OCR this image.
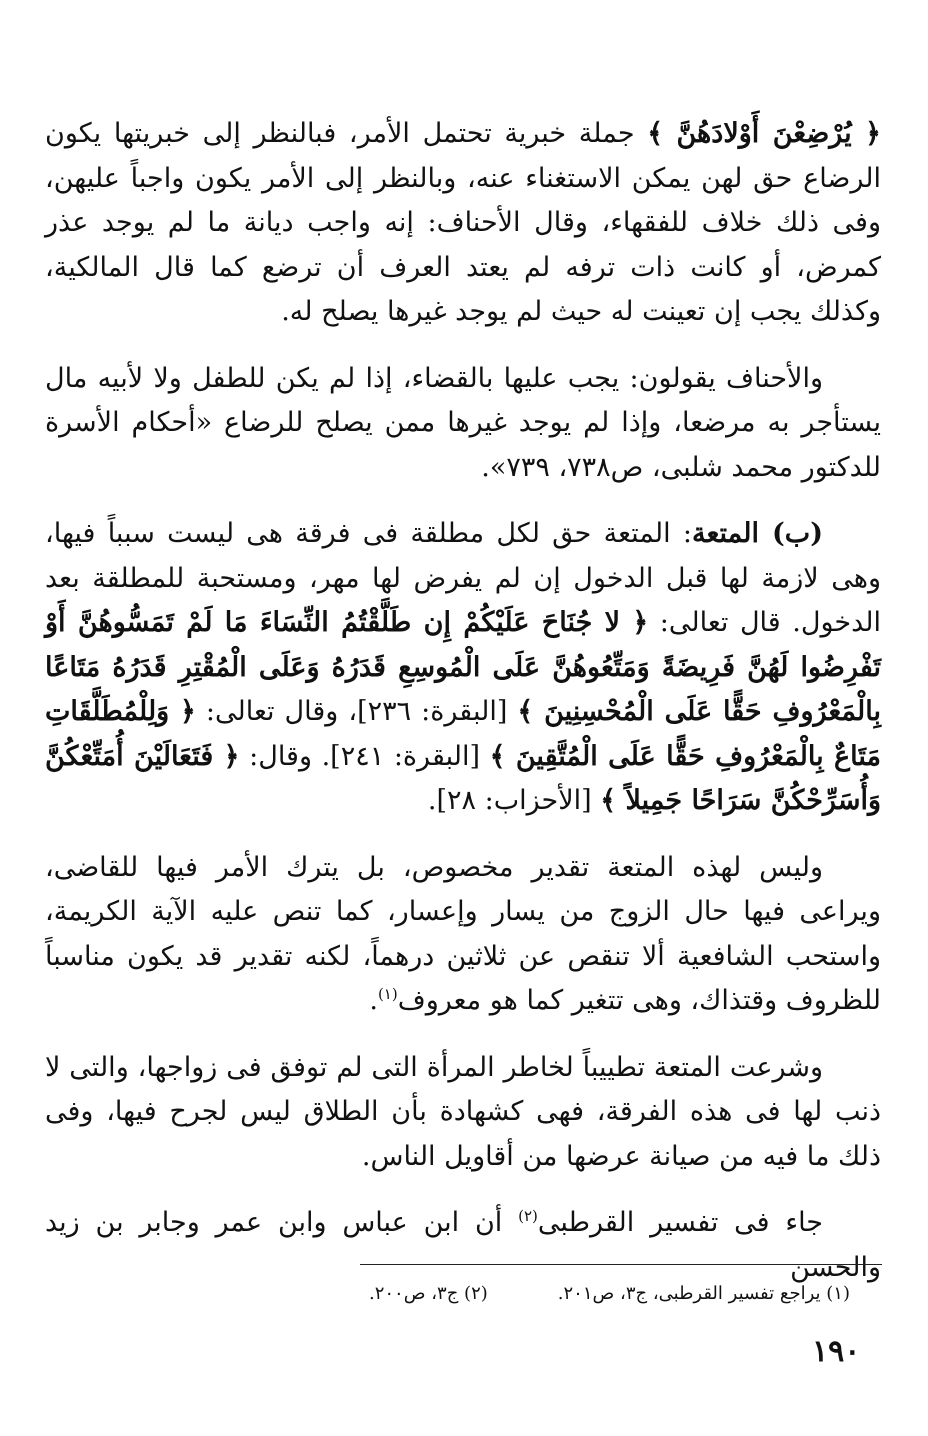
﴿ يُرْضِعْنَ أَوْلادَهُنَّ ﴾ جملة خبرية تحتمل الأمر، فبالنظر إلى خبريتها يكون الرضاع حق لهن يمكن الاستغناء عنه، وبالنظر إلى الأمر يكون واجباً عليهن، وفى ذلك خلاف للفقهاء، وقال الأحناف: إنه واجب ديانة ما لم يوجد عذر كمرض، أو كانت ذات ترفه لم يعتد العرف أن ترضع كما قال المالكية، وكذلك يجب إن تعينت له حيث لم يوجد غيرها يصلح له.

والأحناف يقولون: يجب عليها بالقضاء، إذا لم يكن للطفل ولا لأبيه مال يستأجر به مرضعا، وإذا لم يوجد غيرها ممن يصلح للرضاع «أحكام الأسرة للدكتور محمد شلبى، ص٧٣٨، ٧٣٩».

(ب) المتعة: المتعة حق لكل مطلقة فى فرقة هى ليست سبباً فيها، وهى لازمة لها قبل الدخول إن لم يفرض لها مهر، ومستحبة للمطلقة بعد الدخول. قال تعالى: ﴿ لا جُنَاحَ عَلَيْكُمْ إِن طَلَّقْتُمُ النِّسَاءَ مَا لَمْ تَمَسُّوهُنَّ أَوْ تَفْرِضُوا لَهُنَّ فَرِيضَةً وَمَتِّعُوهُنَّ عَلَى الْمُوسِعِ قَدَرُهُ وَعَلَى الْمُقْتِرِ قَدَرُهُ مَتَاعًا بِالْمَعْرُوفِ حَقًّا عَلَى الْمُحْسِنِينَ ﴾ [البقرة: ٢٣٦]، وقال تعالى: ﴿ وَلِلْمُطَلَّقَاتِ مَتَاعٌ بِالْمَعْرُوفِ حَقًّا عَلَى الْمُتَّقِينَ ﴾ [البقرة: ٢٤١]. وقال: ﴿ فَتَعَالَيْنَ أُمَتِّعْكُنَّ وَأُسَرِّحْكُنَّ سَرَاحًا جَمِيلاً ﴾ [الأحزاب: ٢٨].

وليس لهذه المتعة تقدير مخصوص، بل يترك الأمر فيها للقاضى، ويراعى فيها حال الزوج من يسار وإعسار، كما تنص عليه الآية الكريمة، واستحب الشافعية ألا تنقص عن ثلاثين درهماً، لكنه تقدير قد يكون مناسباً للظروف وقتذاك، وهى تتغير كما هو معروف$^{(١)}$.

وشرعت المتعة تطييباً لخاطر المرأة التى لم توفق فى زواجها، والتى لا ذنب لها فى هذه الفرقة، فهى كشهادة بأن الطلاق ليس لجرح فيها، وفى ذلك ما فيه من صيانة عرضها من أقاويل الناس.

جاء فى تفسير القرطبى$^{(٢)}$ أن ابن عباس وابن عمر وجابر بن زيد والحسن

(١) يراجع تفسير القرطبى، ج٣، ص٢٠١.
(٢) ج٣، ص٢٠٠.
١٩٠
